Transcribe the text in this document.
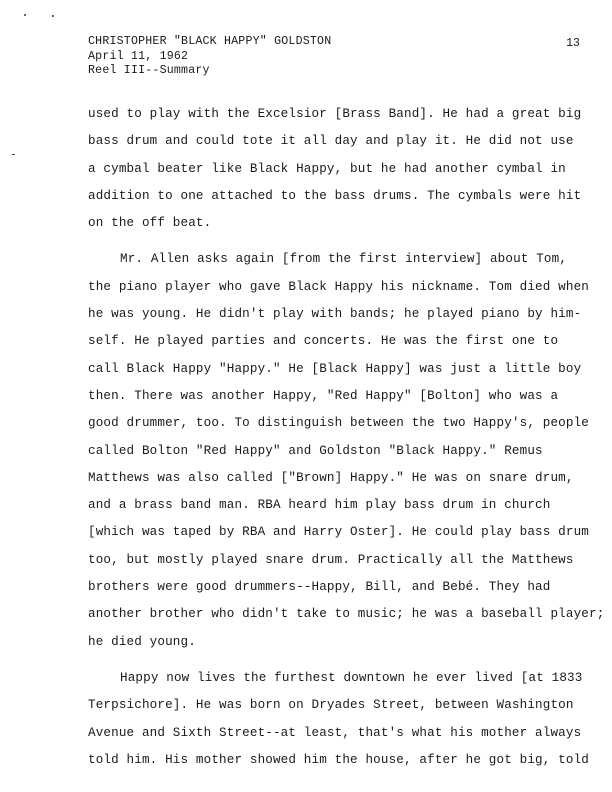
CHRISTOPHER "BLACK HAPPY" GOLDSTON
April 11, 1962
Reel III--Summary
13
used to play with the Excelsior [Brass Band]. He had a great big
bass drum and could tote it all day and play it. He did not use
a cymbal beater like Black Happy, but he had another cymbal in
addition to one attached to the bass drums. The cymbals were hit
on the off beat.
Mr. Allen asks again [from the first interview] about Tom,
the piano player who gave Black Happy his nickname. Tom died when
he was young. He didn't play with bands; he played piano by him-
self. He played parties and concerts. He was the first one to
call Black Happy "Happy." He [Black Happy] was just a little boy
then. There was another Happy, "Red Happy" [Bolton] who was a
good drummer, too. To distinguish between the two Happy's, people
called Bolton "Red Happy" and Goldston "Black Happy." Remus
Matthews was also called ["Brown] Happy." He was on snare drum,
and a brass band man. RBA heard him play bass drum in church
[which was taped by RBA and Harry Oster]. He could play bass drum
too, but mostly played snare drum. Practically all the Matthews
brothers were good drummers--Happy, Bill, and Bebé. They had
another brother who didn't take to music; he was a baseball player;
he died young.
Happy now lives the furthest downtown he ever lived [at 1833
Terpsichore]. He was born on Dryades Street, between Washington
Avenue and Sixth Street--at least, that's what his mother always
told him. His mother showed him the house, after he got big, told
